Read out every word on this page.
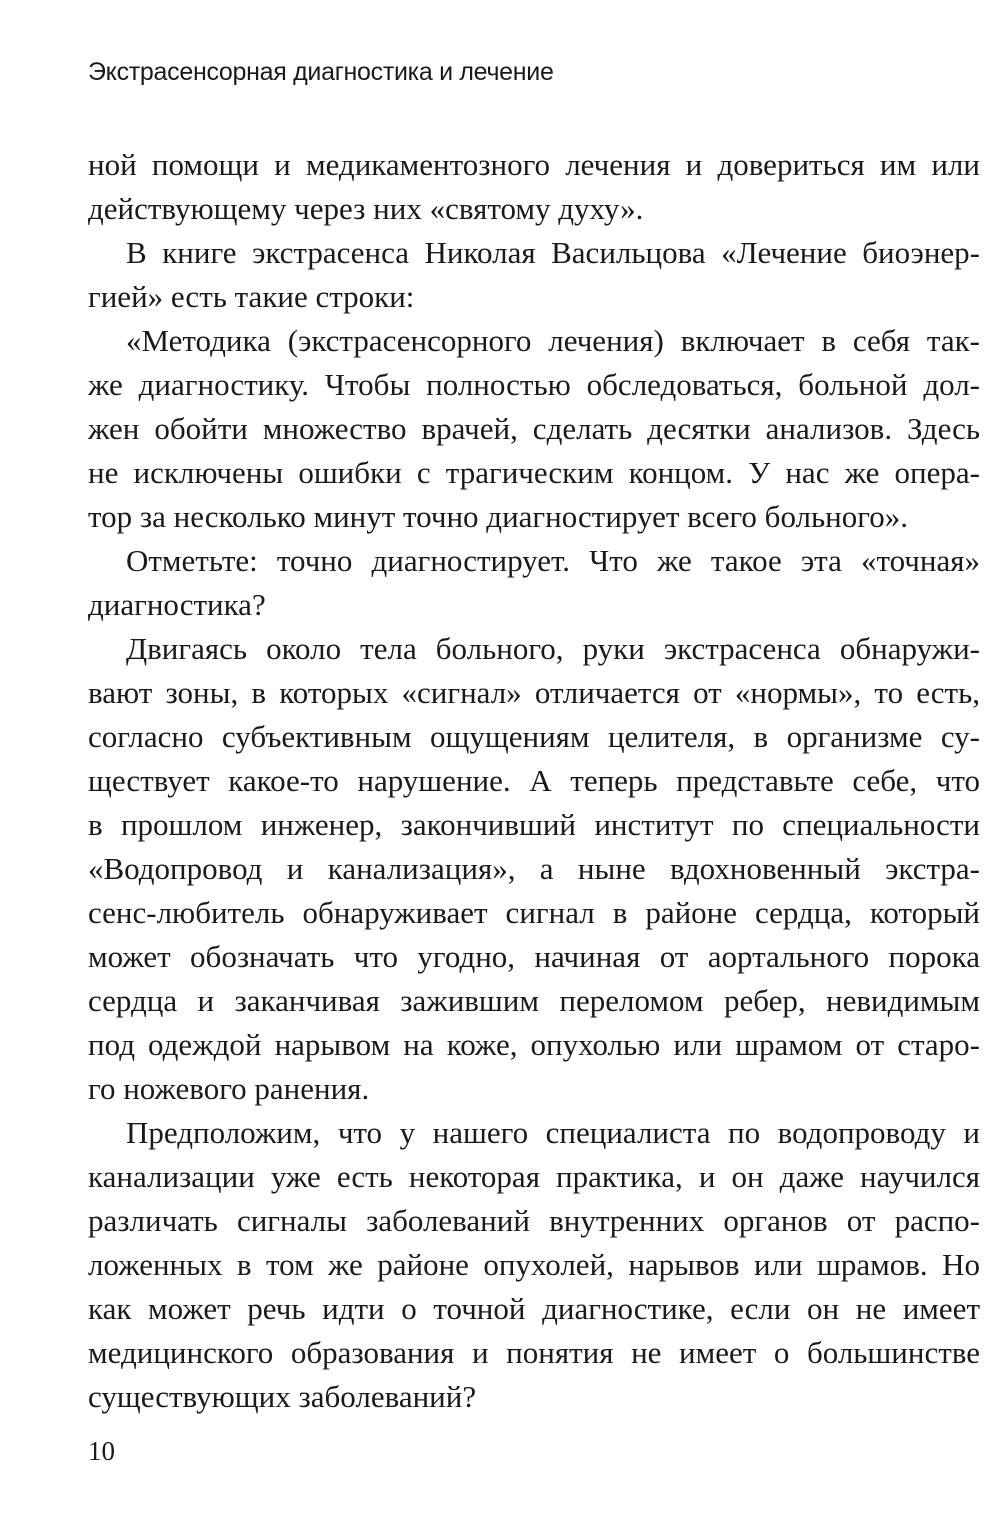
Экстрасенсорная диагностика и лечение
ной помощи и медикаментозного лечения и довериться им или
действующему через них «святому духу».
В книге экстрасенса Николая Васильцова «Лечение биоэнер-
гией» есть такие строки:
«Методика (экстрасенсорного лечения) включает в себя так-
же диагностику. Чтобы полностью обследоваться, больной дол-
жен обойти множество врачей, сделать десятки анализов. Здесь
не исключены ошибки с трагическим концом. У нас же опера-
тор за несколько минут точно диагностирует всего больного».
Отметьте: точно диагностирует. Что же такое эта «точная»
диагностика?
Двигаясь около тела больного, руки экстрасенса обнаружи-
вают зоны, в которых «сигнал» отличается от «нормы», то есть,
согласно субъективным ощущениям целителя, в организме су-
ществует какое-то нарушение. А теперь представьте себе, что
в прошлом инженер, закончивший институт по специальности
«Водопровод и канализация», а ныне вдохновенный экстра-
сенс-любитель обнаруживает сигнал в районе сердца, который
может обозначать что угодно, начиная от аортального порока
сердца и заканчивая зажившим переломом ребер, невидимым
под одеждой нарывом на коже, опухолью или шрамом от старо-
го ножевого ранения.
Предположим, что у нашего специалиста по водопроводу и
канализации уже есть некоторая практика, и он даже научился
различать сигналы заболеваний внутренних органов от распо-
ложенных в том же районе опухолей, нарывов или шрамов. Но
как может речь идти о точной диагностике, если он не имеет
медицинского образования и понятия не имеет о большинстве
существующих заболеваний?
10
